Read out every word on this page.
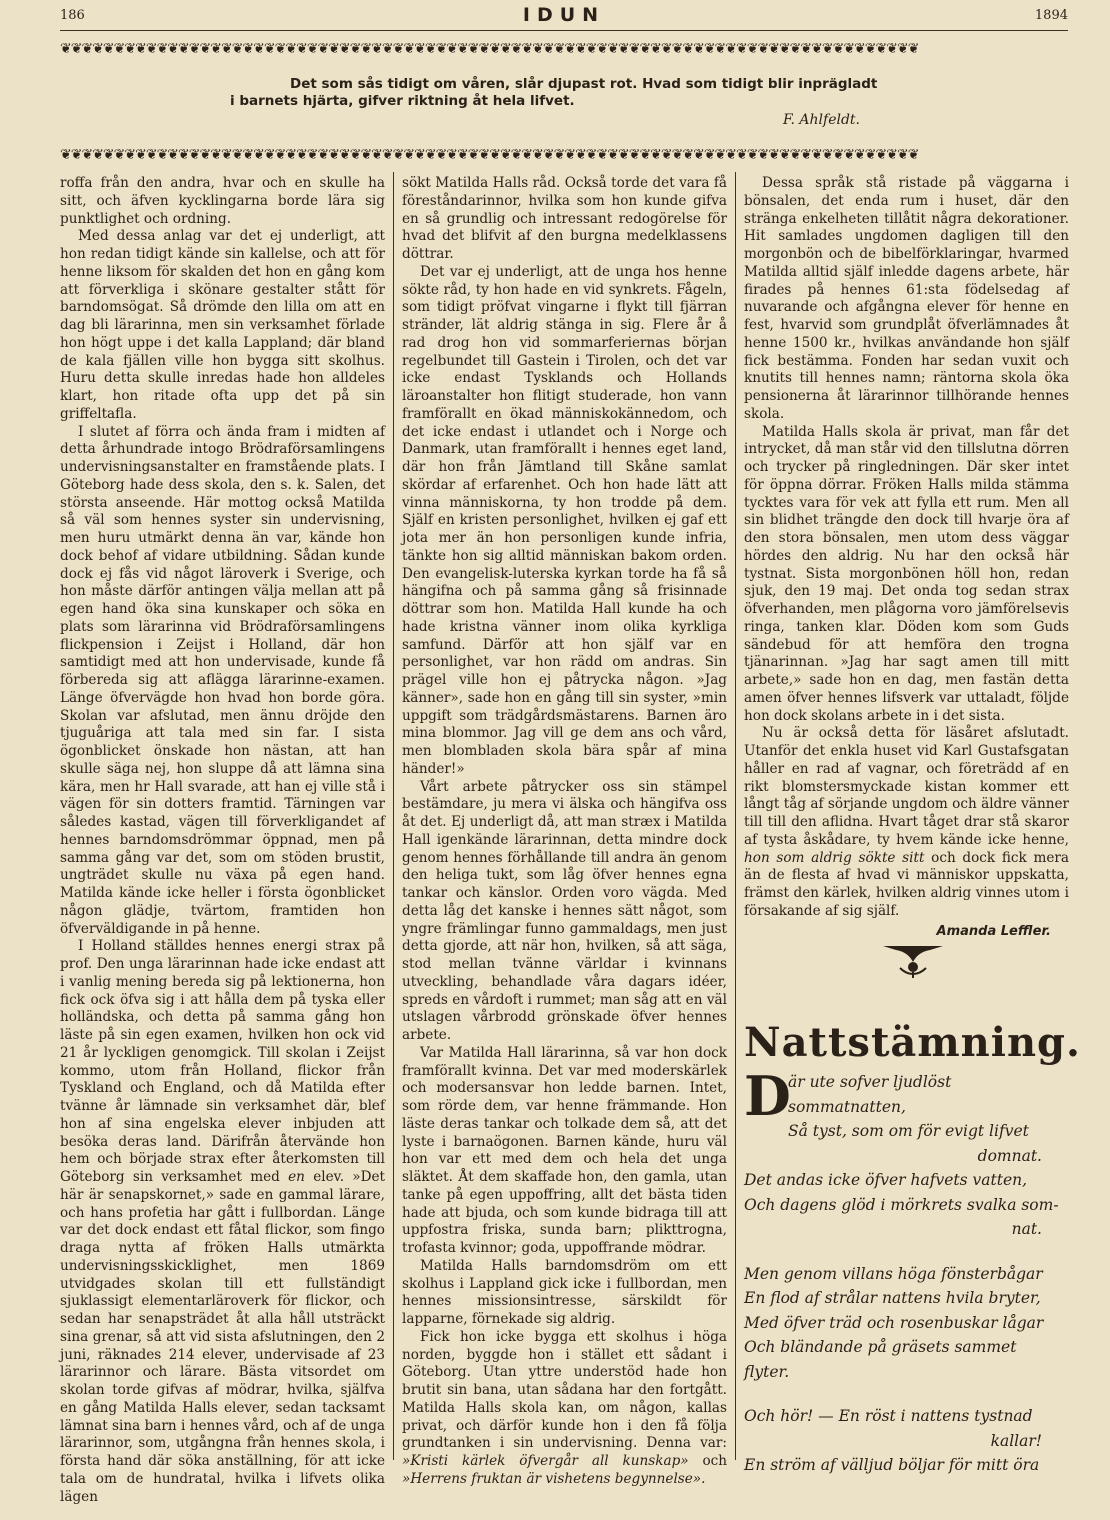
186	IDUN	1894
❦❦❦❦❦❦❦❦❦❦❦❦❦❦❦❦❦❦❦❦❦❦❦❦❦❦❦❦❦❦❦❦❦❦❦❦❦❦❦❦❦❦❦❦❦❦❦❦❦❦❦❦❦❦❦❦❦❦❦❦❦❦❦❦❦❦❦❦❦❦❦❦❦❦❦❦❦❦❦❦
Det som sås tidigt om våren, slår djupast rot. Hvad som tidigt blir inprägladt
i barnets hjärta, gifver riktning åt hela lifvet.
F. Ahlfeldt.
❦❦❦❦❦❦❦❦❦❦❦❦❦❦❦❦❦❦❦❦❦❦❦❦❦❦❦❦❦❦❦❦❦❦❦❦❦❦❦❦❦❦❦❦❦❦❦❦❦❦❦❦❦❦❦❦❦❦❦❦❦❦❦❦❦❦❦❦❦❦❦❦❦❦❦❦❦❦❦❦

roffa från den andra, hvar och en skulle ha sitt, och äfven kycklingarna borde lära sig punktlighet och ordning.

Med dessa anlag var det ej underligt, att hon redan tidigt kände sin kallelse, och att för henne liksom för skalden det hon en gång kom att förverkliga i skönare gestalter stått för barndomsögat. Så drömde den lilla om att en dag bli lärarinna, men sin verksamhet förlade hon högt uppe i det kalla Lappland; där bland de kala fjällen ville hon bygga sitt skolhus. Huru detta skulle inredas hade hon alldeles klart, hon ritade ofta upp det på sin griffeltafla.

I slutet af förra och ända fram i midten af detta århundrade intogo Brödraförsamlingens undervisningsanstalter en framstående plats. I Göteborg hade dess skola, den s. k. Salen, det största anseende. Här mottog också Matilda så väl som hennes syster sin undervisning, men huru utmärkt denna än var, kände hon dock behof af vidare utbildning. Sådan kunde dock ej fås vid något läroverk i Sverige, och hon måste därför antingen välja mellan att på egen hand öka sina kunskaper och söka en plats som lärarinna vid Brödraförsamlingens flickpension i Zeijst i Holland, där hon samtidigt med att hon undervisade, kunde få förbereda sig att aflägga lärarinne-examen. Länge öfvervägde hon hvad hon borde göra. Skolan var afslutad, men ännu dröjde den tjuguåriga att tala med sin far. I sista ögonblicket önskade hon nästan, att han skulle säga nej, hon sluppe då att lämna sina kära, men hr Hall svarade, att han ej ville stå i vägen för sin dotters framtid. Tärningen var således kastad, vägen till förverkligandet af hennes barndomsdrömmar öppnad, men på samma gång var det, som om stöden brustit, ungträdet skulle nu växa på egen hand. Matilda kände icke heller i första ögonblicket någon glädje, tvärtom, framtiden hon öfverväldigande in på henne.

I Holland ställdes hennes energi strax på prof. Den unga lärarinnan hade icke endast att i vanlig mening bereda sig på lektionerna, hon fick ock öfva sig i att hålla dem på tyska eller holländska, och detta på samma gång hon läste på sin egen examen, hvilken hon ock vid 21 år lyckligen genomgick. Till skolan i Zeijst kommo, utom från Holland, flickor från Tyskland och England, och då Matilda efter tvänne år lämnade sin verksamhet där, blef hon af sina engelska elever inbjuden att besöka deras land. Därifrån återvände hon hem och började strax efter återkomsten till Göteborg sin verksamhet med en elev. »Det här är senapskornet,» sade en gammal lärare, och hans profetia har gått i fullbordan. Länge var det dock endast ett fåtal flickor, som fingo draga nytta af fröken Halls utmärkta undervisningsskicklighet, men 1869 utvidgades skolan till ett fullständigt sjuklassigt elementarläroverk för flickor, och sedan har senapsträdet åt alla håll utsträckt sina grenar, så att vid sista afslutningen, den 2 juni, räknades 214 elever, undervisade af 23 lärarinnor och lärare. Bästa vitsordet om skolan torde gifvas af mödrar, hvilka, själfva en gång Matilda Halls elever, sedan tacksamt lämnat sina barn i hennes vård, och af de unga lärarinnor, som, utgångna från hennes skola, i första hand där söka anställning, för att icke tala om de hundratal, hvilka i lifvets olika lägen

sökt Matilda Halls råd. Också torde det vara få föreståndarinnor, hvilka som hon kunde gifva en så grundlig och intressant redogörelse för hvad det blifvit af den burgna medelklassens döttrar.

Det var ej underligt, att de unga hos henne sökte råd, ty hon hade en vid synkrets. Fågeln, som tidigt pröfvat vingarne i flykt till fjärran stränder, lät aldrig stänga in sig. Flere år å rad drog hon vid sommarferiernas början regelbundet till Gastein i Tirolen, och det var icke endast Tysklands och Hollands läroanstalter hon flitigt studerade, hon vann framförallt en ökad människokännedom, och det icke endast i utlandet och i Norge och Danmark, utan framförallt i hennes eget land, där hon från Jämtland till Skåne samlat skördar af erfarenhet. Och hon hade lätt att vinna människorna, ty hon trodde på dem. Själf en kristen personlighet, hvilken ej gaf ett jota mer än hon personligen kunde infria, tänkte hon sig alltid människan bakom orden. Den evangelisk-luterska kyrkan torde ha få så hängifna och på samma gång så frisinnade döttrar som hon. Matilda Hall kunde ha och hade kristna vänner inom olika kyrkliga samfund. Därför att hon själf var en personlighet, var hon rädd om andras. Sin prägel ville hon ej påtrycka någon. »Jag känner», sade hon en gång till sin syster, »min uppgift som trädgårdsmästarens. Barnen äro mina blommor. Jag vill ge dem ans och vård, men blombladen skola bära spår af mina händer!»

Vårt arbete påtrycker oss sin stämpel bestämdare, ju mera vi älska och hängifva oss åt det. Ej underligt då, att man stræx i Matilda Hall igenkände lärarinnan, detta mindre dock genom hennes förhållande till andra än genom den heliga tukt, som låg öfver hennes egna tankar och känslor. Orden voro vägda. Med detta låg det kanske i hennes sätt något, som yngre främlingar funno gammaldags, men just detta gjorde, att när hon, hvilken, så att säga, stod mellan tvänne världar i kvinnans utveckling, behandlade våra dagars idéer, spreds en vårdoft i rummet; man såg att en väl utslagen vårbrodd grönskade öfver hennes arbete.

Var Matilda Hall lärarinna, så var hon dock framförallt kvinna. Det var med moderskärlek och modersansvar hon ledde barnen. Intet, som rörde dem, var henne främmande. Hon läste deras tankar och tolkade dem så, att det lyste i barnaögonen. Barnen kände, huru väl hon var ett med dem och hela det unga släktet. Åt dem skaffade hon, den gamla, utan tanke på egen uppoffring, allt det bästa tiden hade att bjuda, och som kunde bidraga till att uppfostra friska, sunda barn; plikttrogna, trofasta kvinnor; goda, uppoffrande mödrar.

Matilda Halls barndomsdröm om ett skolhus i Lappland gick icke i fullbordan, men hennes missionsintresse, särskildt för lapparne, förnekade sig aldrig.

Fick hon icke bygga ett skolhus i höga norden, byggde hon i stället ett sådant i Göteborg. Utan yttre understöd hade hon brutit sin bana, utan sådana har den fortgått. Matilda Halls skola kan, om någon, kallas privat, och därför kunde hon i den få följa grundtanken i sin undervisning. Denna var: »Kristi kärlek öfvergår all kunskap» och »Herrens fruktan är vishetens begynnelse».

Dessa språk stå ristade på väggarna i bönsalen, det enda rum i huset, där den stränga enkelheten tillåtit några dekorationer. Hit samlades ungdomen dagligen till den morgonbön och de bibelförklaringar, hvarmed Matilda alltid själf inledde dagens arbete, här firades på hennes 61:sta födelsedag af nuvarande och afgångna elever för henne en fest, hvarvid som grundplåt öfverlämnades åt henne 1500 kr., hvilkas användande hon själf fick bestämma. Fonden har sedan vuxit och knutits till hennes namn; räntorna skola öka pensionerna åt lärarinnor tillhörande hennes skola.

Matilda Halls skola är privat, man får det intrycket, då man står vid den tillslutna dörren och trycker på ringledningen. Där sker intet för öppna dörrar. Fröken Halls milda stämma tycktes vara för vek att fylla ett rum. Men all sin blidhet trängde den dock till hvarje öra af den stora bönsalen, men utom dess väggar hördes den aldrig. Nu har den också här tystnat. Sista morgonbönen höll hon, redan sjuk, den 19 maj. Det onda tog sedan strax öfverhanden, men plågorna voro jämförelsevis ringa, tanken klar. Döden kom som Guds sändebud för att hemföra den trogna tjänarinnan. »Jag har sagt amen till mitt arbete,» sade hon en dag, men fastän detta amen öfver hennes lifsverk var uttaladt, följde hon dock skolans arbete in i det sista.

Nu är också detta för läsåret afslutadt. Utanför det enkla huset vid Karl Gustafsgatan håller en rad af vagnar, och företrädd af en rikt blomstersmyckade kistan kommer ett långt tåg af sörjande ungdom och äldre vänner till till den aflidna. Hvart tåget drar stå skaror af tysta åskådare, ty hvem kände icke henne, hon som aldrig sökte sitt och dock fick mera än de flesta af hvad vi människor uppskatta, främst den kärlek, hvilken aldrig vinnes utom i försakande af sig själf.

Amanda Leffler.
Nattstämning.
D
är ute sofver ljudlöst sommatnatten,
Så tyst, som om för evigt lifvet
domnat.
Det andas icke öfver hafvets vatten,
Och dagens glöd i mörkrets svalka som-
nat.
Men genom villans höga fönsterbågar
En flod af strålar nattens hvila bryter,
Med öfver träd och rosenbuskar lågar
Och bländande på gräsets sammet flyter.
Och hör! — En röst i nattens tystnad
kallar!
En ström af välljud böljar för mitt öra
